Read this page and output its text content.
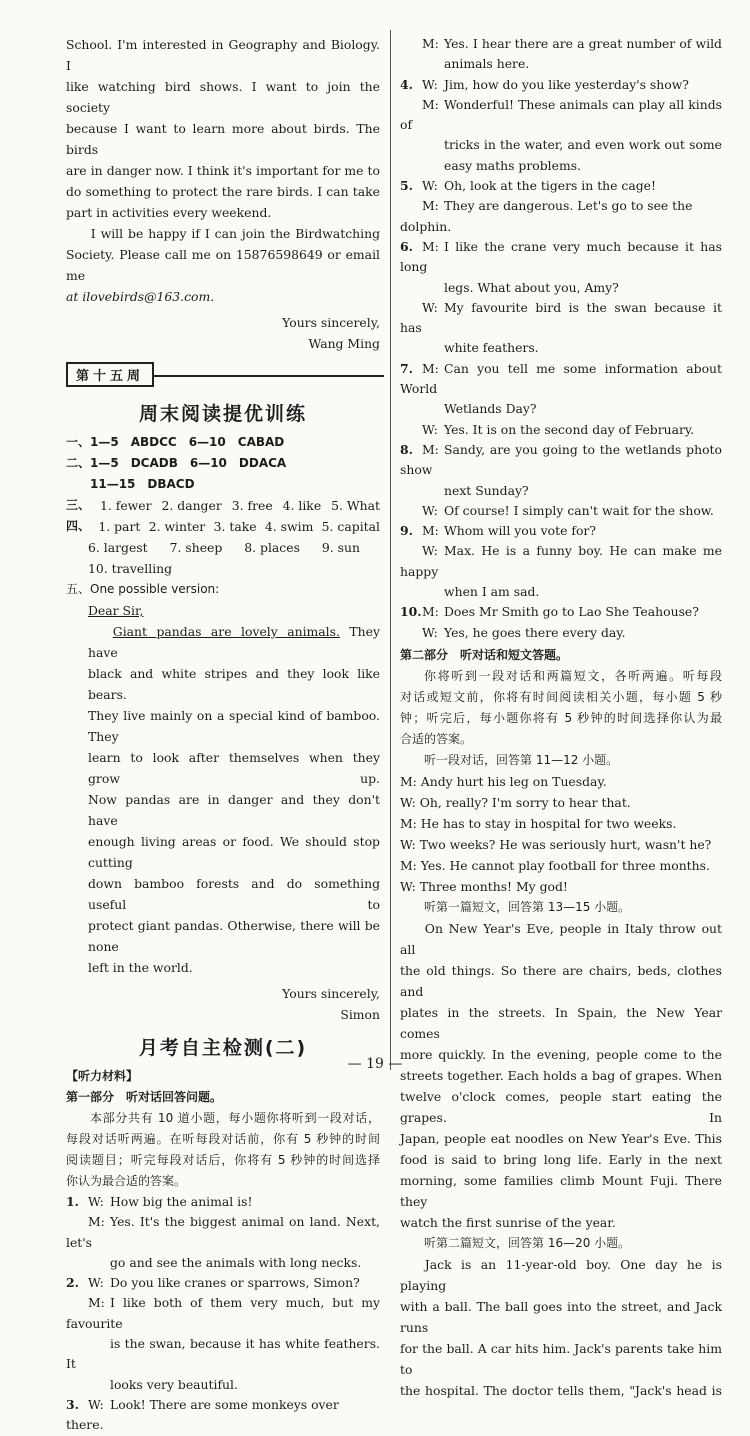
School. I'm interested in Geography and Biology. I

like watching bird shows. I want to join the society

because I want to learn more about birds. The birds

are in danger now. I think it's important for me to

do something to protect the rare birds. I can take

part in activities every weekend.

I will be happy if I can join the Birdwatching

Society. Please call me on 15876598649 or email me

at ilovebirds@163.com.

Yours sincerely,

Wang Ming

第十五周
周末阅读提优训练

一、1—5　ABDCC　6—10　CABAD

二、1—5　DCADB　6—10　DDACA

　　11—15　DBACD

三、 1. fewer 2. danger 3. free 4. like 5. What

四、 1. part 2. winter 3. take 4. swim 5. capital

6. largest 7. sheep 8. places 9. sun

10. travelling

五、One possible version:

Dear Sir,

Giant pandas are lovely animals. They have

black and white stripes and they look like bears.

They live mainly on a special kind of bamboo. They

learn to look after themselves when they grow up.

Now pandas are in danger and they don't have

enough living areas or food. We should stop cutting

down bamboo forests and do something useful to

protect giant pandas. Otherwise, there will be none

left in the world.

Yours sincerely,

Simon

月考自主检测(二)

【听力材料】

第一部分　听对话回答问题。

本部分共有 10 道小题，每小题你将听到一段对话，

每段对话听两遍。在听每段对话前，你有 5 秒钟的时间

阅读题目；听完每段对话后，你将有 5 秒钟的时间选择

你认为最合适的答案。

1. W: How big the animal is!

M: Yes. It's the biggest animal on land. Next, let's

go and see the animals with long necks.

2. W: Do you like cranes or sparrows, Simon?

M: I like both of them very much, but my favourite

is the swan, because it has white feathers. It

looks very beautiful.

3. W: Look! There are some monkeys over there.

M: Yes. I hear there are a great number of wild

animals here.

4. W: Jim, how do you like yesterday's show?

M: Wonderful! These animals can play all kinds of

tricks in the water, and even work out some

easy maths problems.

5. W: Oh, look at the tigers in the cage!

M: They are dangerous. Let's go to see the dolphin.

6. M: I like the crane very much because it has long

legs. What about you, Amy?

W: My favourite bird is the swan because it has

white feathers.

7. M: Can you tell me some information about World

Wetlands Day?

W: Yes. It is on the second day of February.

8. M: Sandy, are you going to the wetlands photo show

next Sunday?

W: Of course! I simply can't wait for the show.

9. M: Whom will you vote for?

W: Max. He is a funny boy. He can make me happy

when I am sad.

10.M: Does Mr Smith go to Lao She Teahouse?

W: Yes, he goes there every day.

第二部分　听对话和短文答题。

你将听到一段对话和两篇短文，各听两遍。听每段

对话或短文前，你将有时间阅读相关小题，每小题 5 秒

钟；听完后，每小题你将有 5 秒钟的时间选择你认为最

合适的答案。

听一段对话，回答第 11—12 小题。

M: Andy hurt his leg on Tuesday.

W: Oh, really? I'm sorry to hear that.

M: He has to stay in hospital for two weeks.

W: Two weeks? He was seriously hurt, wasn't he?

M: Yes. He cannot play football for three months.

W: Three months! My god!

听第一篇短文，回答第 13—15 小题。

On New Year's Eve, people in Italy throw out all

the old things. So there are chairs, beds, clothes and

plates in the streets. In Spain, the New Year comes

more quickly. In the evening, people come to the

streets together. Each holds a bag of grapes. When

twelve o'clock comes, people start eating the grapes. In

Japan, people eat noodles on New Year's Eve. This

food is said to bring long life. Early in the next

morning, some families climb Mount Fuji. There they

watch the first sunrise of the year.

听第二篇短文，回答第 16—20 小题。

Jack is an 11-year-old boy. One day he is playing

with a ball. The ball goes into the street, and Jack runs

for the ball. A car hits him. Jack's parents take him to

the hospital. The doctor tells them, "Jack's head is

— 19 —
